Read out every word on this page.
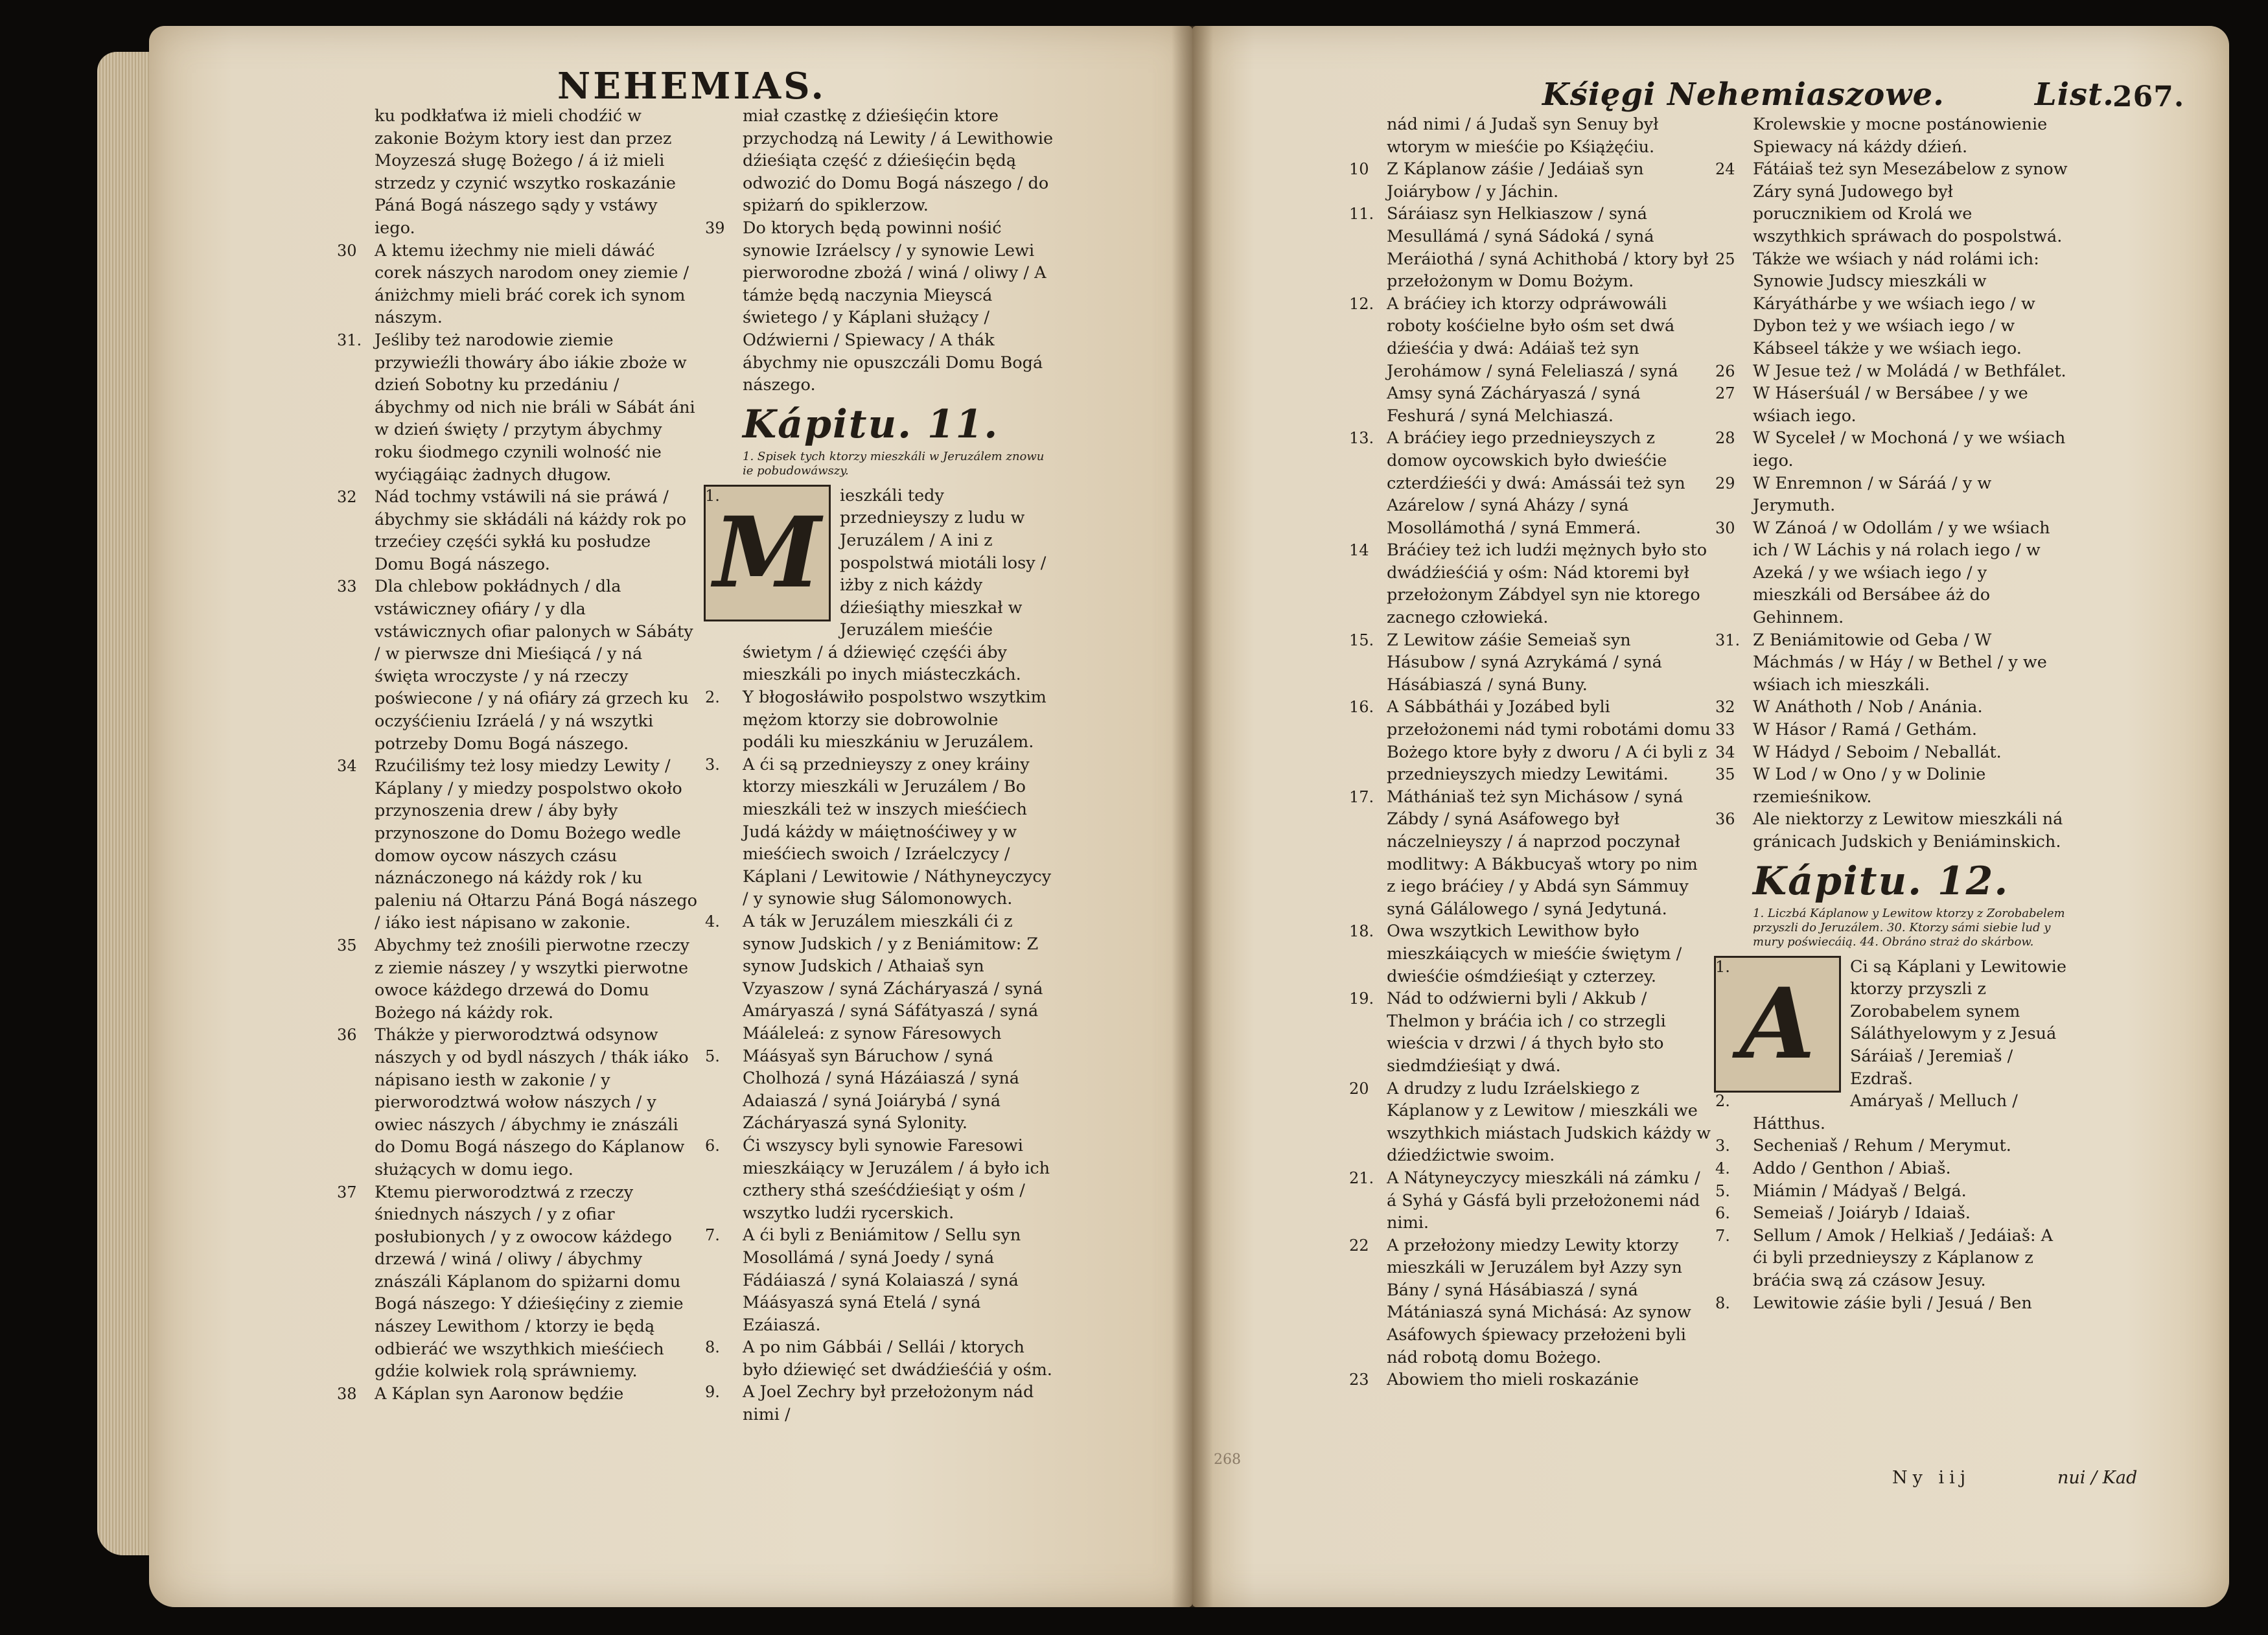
NEHEMIAS.	Kśięgi Nehemiaszowe.	List.
267.
ku podkłaťwa iż mieli chodźić w zakonie Bożym ktory iest dan przez Moyzeszá sługę Bożego / á iż mieli strzedz y czynić wszytko roskazánie Páná Bogá nászego sądy y vstáwy iego.
30 A ktemu iżechmy nie mieli dáwáć corek nászych narodom oney ziemie / ániżchmy mieli bráć corek ich synom nászym.
31. Jeśliby też narodowie ziemie przywieźli thowáry ábo iákie zboże w dzień Sobotny ku przedániu / ábychmy od nich nie bráli w Sábát áni w dzień święty / przytym ábychmy roku śiodmego czynili wolność nie wyćiągáiąc żadnych długow.
32 Nád tochmy vstáwili ná sie práwá / ábychmy sie skłádáli ná káżdy rok po trzećiey częśći sykłá ku posłudze Domu Bogá nászego.
33 Dla chlebow pokłádnych / dla vstáwiczney ofiáry / y dla vstáwicznych ofiar palonych w Sábáty / w pierwsze dni Mieśiącá / y ná święta wroczyste / y ná rzeczy poświecone / y ná ofiáry zá grzech ku oczyśćieniu Izráelá / y ná wszytki potrzeby Domu Bogá nászego.
34 Rzućiliśmy też losy miedzy Lewity / Káplany / y miedzy pospolstwo około przynoszenia drew / áby były przynoszone do Domu Bożego wedle domow oycow nászych czásu náznáczonego ná káżdy rok / ku paleniu ná Ołtarzu Páná Bogá nászego / iáko iest nápisano w zakonie.
35 Abychmy też znośili pierwotne rzeczy z ziemie nászey / y wszytki pierwotne owoce káżdego drzewá do Domu Bożego ná káżdy rok.
36 Thákże y pierworodztwá odsynow nászych y od bydl nászych / thák iáko nápisano iesth w zakonie / y pierworodztwá wołow nászych / y owiec nászych / ábychmy ie znászáli do Domu Bogá nászego do Káplanow służących w domu iego.
37 Ktemu pierworodztwá z rzeczy śniednych nászych / y z ofiar posłubionych / y z owocow káżdego drzewá / winá / oliwy / ábychmy znászáli Káplanom do spiżarni domu Bogá nászego: Y dźieśięćiny z ziemie nászey Lewithom / ktorzy ie będą odbieráć we wszythkich mieśćiech gdźie kolwiek rolą spráwniemy.
38 A Káplan syn Aaronow będźie
miał czastkę z dźieśięćin ktore przychodzą ná Lewity / á Lewithowie dźieśiąta część z dźieśięćin będą odwozić do Domu Bogá nászego / do spiżarń do spiklerzow.
39 Do ktorych będą powinni nośić synowie Izráelscy / y synowie Lewi pierworodne zbożá / winá / oliwy / A támże będą naczynia Mieyscá świetego / y Káplani służący / Odźwierni / Spiewacy / A thák ábychmy nie opuszczáli Domu Bogá nászego.
Kápitu. 11.
1. Spisek tych ktorzy mieszkáli w Jeruzálem znowu ie pobudowáwszy.
M
1.	ieszkáli tedy przednieyszy z ludu w Jeruzálem / A ini z pospolstwá miotáli losy / iżby z nich káżdy dźieśiąthy mieszkał w Jeruzálem mieśćie świetym / á dźiewięć częśći áby mieszkáli po inych miásteczkách.
2. Y błogosłáwiło pospolstwo wszytkim mężom ktorzy sie dobrowolnie podáli ku mieszkániu w Jeruzálem.
3. A ći są przednieyszy z oney kráiny ktorzy mieszkáli w Jeruzálem / Bo mieszkáli też w inszych mieśćiech Judá káżdy w máiętnośćiwey y w mieśćiech swoich / Izráelczycy / Káplani / Lewitowie / Náthyneyczycy / y synowie sług Sálomonowych.
4. A ták w Jeruzálem mieszkáli ći z synow Judskich / y z Beniámitow: Z synow Judskich / Athaiaš syn Vzyaszow / syná Zácháryaszá / syná Amáryaszá / syná Sáfátyaszá / syná Mááleleá: z synow Fáresowych
5. Máásyaš syn Báruchow / syná Cholhozá / syná Házáiaszá / syná Adaiaszá / syná Joiárybá / syná Zácháryaszá syná Sylonity.
6. Ći wszyscy byli synowie Faresowi mieszkáiący w Jeruzálem / á było ich czthery sthá sześćdźieśiąt y ośm / wszytko ludźi rycerskich.
7. A ći byli z Beniámitow / Sellu syn Mosollámá / syná Joedy / syná Fádáiaszá / syná Kolaiaszá / syná Máásyaszá syná Etelá / syná Ezáiaszá.
8. A po nim Gábbái / Sellái / ktorych było dźiewięć set dwádźieśćiá y ośm.
9. A Joel Zechry był przełożonym nád nimi /
nád nimi / á Judaš syn Senuy był wtorym w mieśćie po Kśiążęćiu.
10 Z Káplanow záśie / Jedáiaš syn Joiárybow / y Jáchin.
11. Sáráiasz syn Helkiaszow / syná Mesullámá / syná Sádoká / syná Meráiothá / syná Achithobá / ktory był przełożonym w Domu Bożym.
12. A bráćiey ich ktorzy odpráwowáli roboty kośćielne było ośm set dwá dźieśćia y dwá: Adáiaš też syn Jerohámow / syná Feleliaszá / syná Amsy syná Zácháryaszá / syná Feshurá / syná Melchiaszá.
13. A bráćiey iego przednieyszych z domow oycowskich było dwieśćie czterdźieśći y dwá: Amássái też syn Azárelow / syná Aházy / syná Mosollámothá / syná Emmerá.
14 Bráćiey też ich ludźi mężnych było sto dwádźieśćiá y ośm: Nád ktoremi był przełożonym Zábdyel syn nie ktorego zacnego człowieká.
15. Z Lewitow záśie Semeiaš syn Hásubow / syná Azrykámá / syná Hásábiaszá / syná Buny.
16. A Sábbáthái y Jozábed byli przełożonemi nád tymi robotámi domu Bożego ktore były z dworu / A ći byli z przednieyszych miedzy Lewitámi.
17. Máthániaš też syn Michásow / syná Zábdy / syná Asáfowego był náczelnieyszy / á naprzod poczynał modlitwy: A Bákbucyaš wtory po nim z iego bráćiey / y Abdá syn Sámmuy syná Gálálowego / syná Jedytuná.
18. Owa wszytkich Lewithow było mieszkáiących w mieśćie świętym / dwieśćie ośmdźieśiąt y czterzey.
19. Nád to odźwierni byli / Akkub / Thelmon y bráćia ich / co strzegli wieścia v drzwi / á thych było sto siedmdźieśiąt y dwá.
20 A drudzy z ludu Izráelskiego z Káplanow y z Lewitow / mieszkáli we wszythkich miástach Judskich káżdy w dźiedźictwie swoim.
21. A Nátyneyczycy mieszkáli ná zámku / á Syhá y Gásfá byli przełożonemi nád nimi.
22 A przełożony miedzy Lewity ktorzy mieszkáli w Jeruzálem był Azzy syn Bány / syná Hásábiaszá / syná Mátániaszá syná Michásá: Az synow Asáfowych śpiewacy przełożeni byli nád robotą domu Bożego.
23 Abowiem tho mieli roskazánie
Krolewskie y mocne postánowienie Spiewacy ná káżdy dźień.
24 Fátáiaš też syn Mesezábelow z synow Záry syná Judowego był porucznikiem od Krolá we wszythkich spráwach do pospolstwá.
25 Tákże we wśiach y nád rolámi ich: Synowie Judscy mieszkáli w Káryáthárbe y we wśiach iego / w Dybon też y we wśiach iego / w Kábseel tákże y we wśiach iego.
26 W Jesue też / w Moládá / w Bethfálet.
27 W Háserśuál / w Bersábee / y we wśiach iego.
28 W Syceleł / w Mochoná / y we wśiach iego.
29 W Enremnon / w Sáráá / y w Jerymuth.
30 W Zánoá / w Odollám / y we wśiach ich / W Láchis y ná rolach iego / w Azeká / y we wśiach iego / y mieszkáli od Bersábee áż do Gehinnem.
31. Z Beniámitowie od Geba / W Máchmás / w Háy / w Bethel / y we wśiach ich mieszkáli.
32 W Anáthoth / Nob / Anánia.
33 W Hásor / Ramá / Gethám.
34 W Hádyd / Seboim / Neballát.
35 W Lod / w Ono / y w Dolinie rzemieśnikow.
36 Ale niektorzy z Lewitow mieszkáli ná gránicach Judskich y Beniáminskich.
Kápitu. 12.
1. Liczbá Káplanow y Lewitow ktorzy z Zorobabelem przyszli do Jeruzálem. 30. Ktorzy sámi siebie lud y mury poświecáią. 44. Obráno straż do skárbow.
A
1.	Ci są Káplani y Lewitowie ktorzy przyszli z Zorobabelem synem Sáláthyelowym y z Jesuá Sáráiaš / Jeremiaš / Ezdraš.
2.	Amáryaš / Melluch / Hátthus.
3. Secheniaš / Rehum / Merymut.
4. Addo / Genthon / Abiaš.
5. Miámin / Mádyaš / Belgá.
6. Semeiaš / Joiáryb / Idaiaš.
7. Sellum / Amok / Helkiaš / Jedáiaš: A ći byli przednieyszy z Káplanow z bráćia swą zá czásow Jesuy.
8. Lewitowie záśie byli / Jesuá / Ben
Ny iij	nui / Kad
268
